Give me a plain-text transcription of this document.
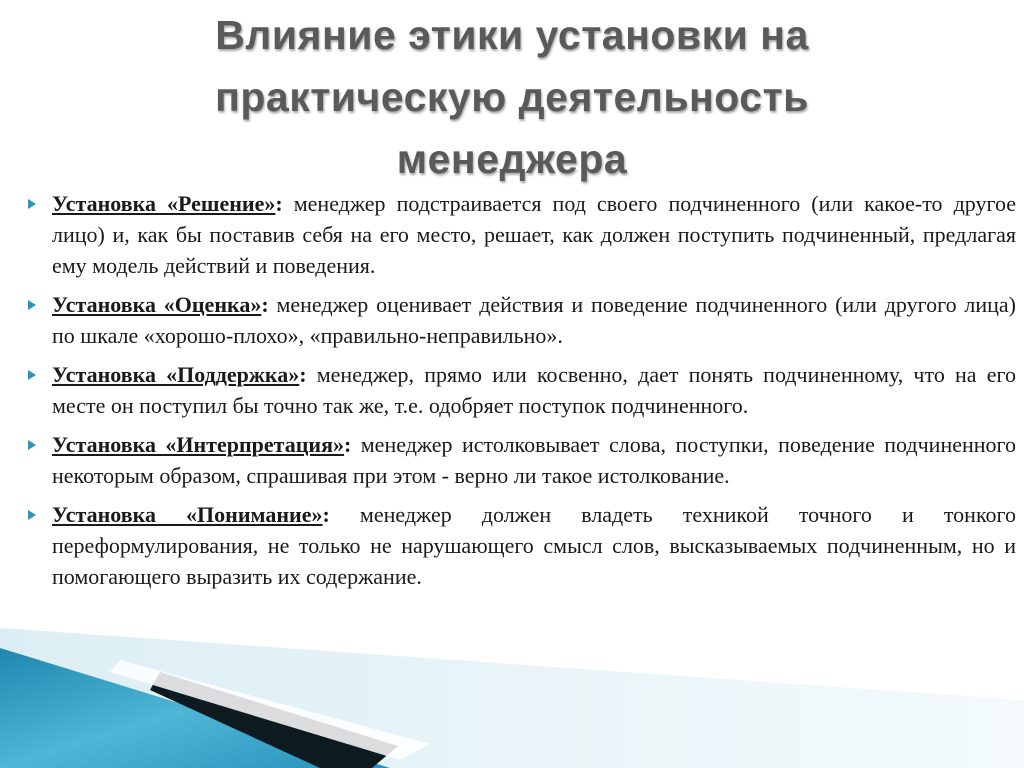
Влияние этики установки на
практическую деятельность
менеджера
Установка «Решение»: менеджер подстраивается под своего подчиненного (или какое-то другое лицо) и, как бы поставив себя на его место, решает, как должен поступить подчиненный, предлагая ему модель действий и поведения.
Установка «Оценка»: менеджер оценивает действия и поведение подчиненного (или другого лица) по шкале «хорошо-плохо», «правильно-неправильно».
Установка «Поддержка»: менеджер, прямо или косвенно, дает понять подчиненному, что на его месте он поступил бы точно так же, т.е. одобряет поступок подчиненного.
Установка «Интерпретация»: менеджер истолковывает слова, поступки, поведение подчиненного некоторым образом, спрашивая при этом - верно ли такое истолкование.
Установка «Понимание»: менеджер должен владеть техникой точного и тонкого переформулирования, не только не нарушающего смысл слов, высказываемых подчиненным, но и помогающего выразить их содержание.
